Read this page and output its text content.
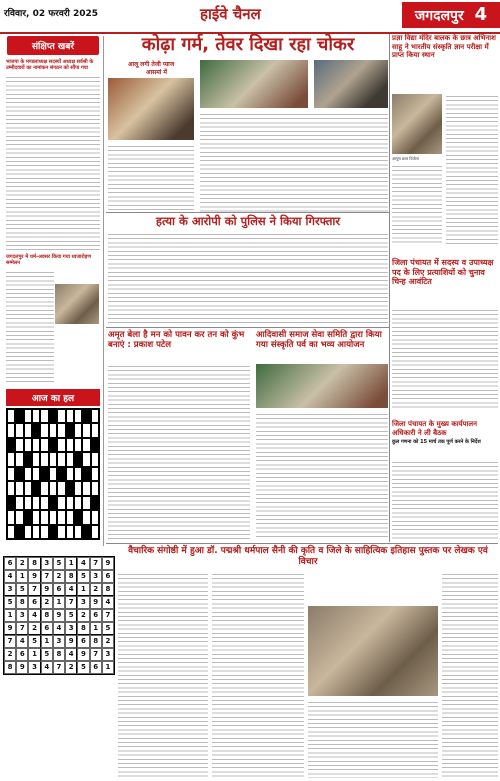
रविवार, 02 फरवरी 2025	हाईवे चैनल	जगदलपुर 4
संक्षिप्त खबरें
भाजपा के मण्डलाध्यक्ष सदस्यों अध्यक्ष सर्वश्री के उम्मीदवारों का नामांकन संगठन को सौंपा गया
जगदलपुर में धर्म-अवसर किया गया ध्वजारोहण सम्मेलन
आज का हल
6	2	8	3	5	1	4	7	9
4	1	9	7	2	8	5	3	6
3	5	7	9	6	4	1	2	8
5	8	6	2	1	7	3	9	4
1	3	4	8	9	5	2	6	7
9	7	2	6	4	3	8	1	5
7	4	5	1	3	9	6	8	2
2	6	1	5	8	4	9	7	3
8	9	3	4	7	2	5	6	1
कोढ़ा गर्म, तेवर दिखा रहा चोकर
आलू लगी तेजी प्याज
आसमां में
प्रज्ञा विद्या मंदिर बालक के छात्र अभिनाश साहू ने भारतीय संस्कृति ज्ञान परीक्षा में प्राप्त किया स्थान
आयुष छात्र विजेता
हत्या के आरोपी को पुलिस ने किया गिरफ्तार
जिला पंचायत में सदस्य व उपाध्यक्ष पद के लिए प्रत्याशियों को चुनाव चिन्ह आवंटित
अमृत बेला है मन को पावन कर तन को कुंभ बनाएं : प्रकाश पटेल
आदिवासी समाज सेवा समिति द्वारा किया गया संस्कृति पर्व का भव्य आयोजन
जिला पंचायत के मुख्य कार्यपालन अधिकारी ने ली बैठक
कुल गणना को 15 मार्च तक पूर्ण करने के निर्देश
वैचारिक संगोष्ठी में हुआ डॉ. पद्मश्री धर्मपाल सैनी की कृति व जिले के साहित्यिक इतिहास पुस्तक पर लेखक एवं विचार
